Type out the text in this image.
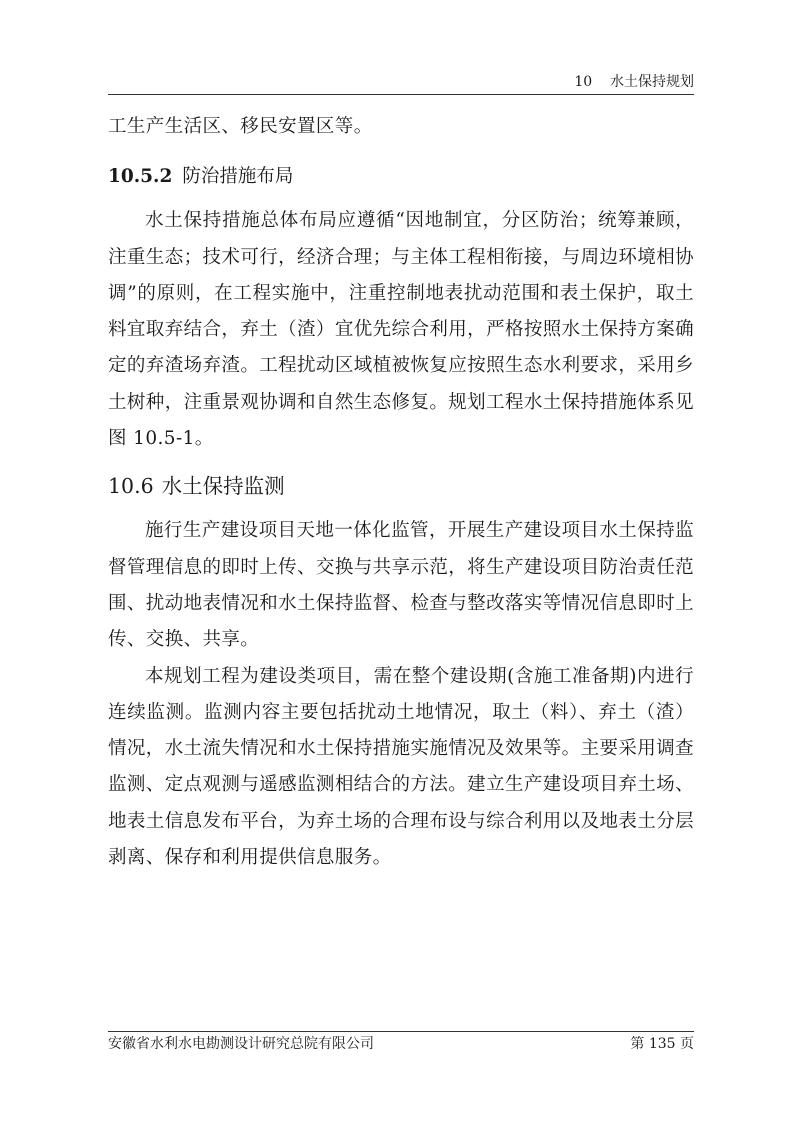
10 水土保持规划

工生产生活区、移民安置区等。

10.5.2 防治措施布局

水土保持措施总体布局应遵循“因地制宜，分区防治；统筹兼顾，注重生态；技术可行，经济合理；与主体工程相衔接，与周边环境相协调”的原则，在工程实施中，注重控制地表扰动范围和表土保护，取土料宜取弃结合，弃土（渣）宜优先综合利用，严格按照水土保持方案确定的弃渣场弃渣。工程扰动区域植被恢复应按照生态水利要求，采用乡土树种，注重景观协调和自然生态修复。规划工程水土保持措施体系见图 10.5-1。

10.6 水土保持监测

施行生产建设项目天地一体化监管，开展生产建设项目水土保持监督管理信息的即时上传、交换与共享示范，将生产建设项目防治责任范围、扰动地表情况和水土保持监督、检查与整改落实等情况信息即时上传、交换、共享。

本规划工程为建设类项目，需在整个建设期(含施工准备期)内进行连续监测。监测内容主要包括扰动土地情况，取土（料）、弃土（渣）情况，水土流失情况和水土保持措施实施情况及效果等。主要采用调查监测、定点观测与遥感监测相结合的方法。建立生产建设项目弃土场、地表土信息发布平台，为弃土场的合理布设与综合利用以及地表土分层剥离、保存和利用提供信息服务。

安徽省水利水电勘测设计研究总院有限公司	第 135 页
